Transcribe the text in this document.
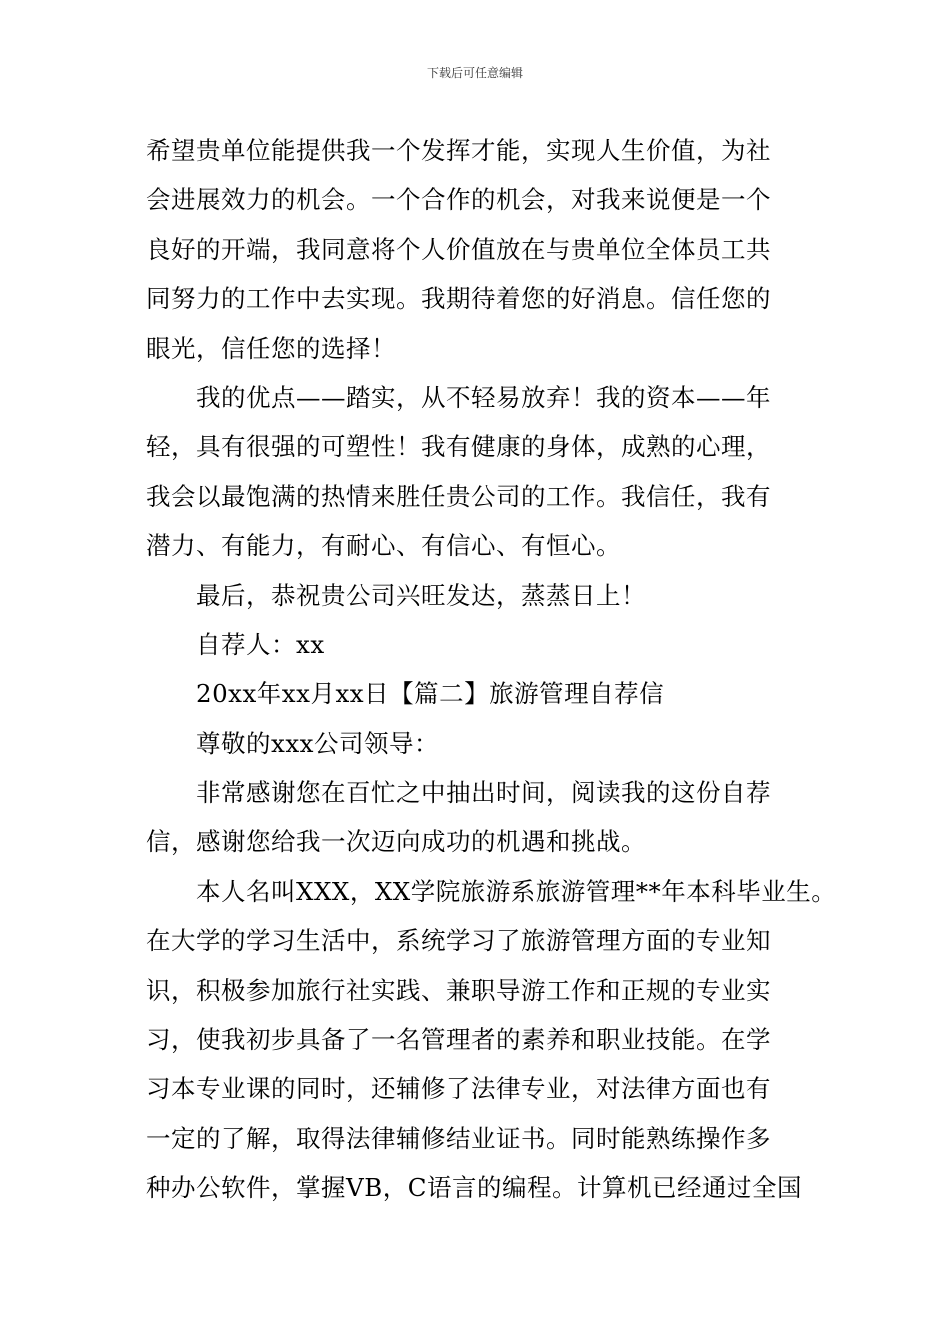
下载后可任意编辑
希望贵单位能提供我一个发挥才能，实现人生价值，为社
会进展效力的机会。一个合作的机会，对我来说便是一个
良好的开端，我同意将个人价值放在与贵单位全体员工共
同努力的工作中去实现。我期待着您的好消息。信任您的
眼光，信任您的选择！
我的优点——踏实，从不轻易放弃！我的资本——年
轻，具有很强的可塑性！我有健康的身体，成熟的心理，
我会以最饱满的热情来胜任贵公司的工作。我信任，我有
潜力、有能力，有耐心、有信心、有恒心。
最后，恭祝贵公司兴旺发达，蒸蒸日上！
自荐人：xx
20xx年xx月xx日【篇二】旅游管理自荐信
尊敬的xxx公司领导：
非常感谢您在百忙之中抽出时间，阅读我的这份自荐
信，感谢您给我一次迈向成功的机遇和挑战。
本人名叫XXX，XX学院旅游系旅游管理**年本科毕业生。
在大学的学习生活中，系统学习了旅游管理方面的专业知
识，积极参加旅行社实践、兼职导游工作和正规的专业实
习，使我初步具备了一名管理者的素养和职业技能。在学
习本专业课的同时，还辅修了法律专业，对法律方面也有
一定的了解，取得法律辅修结业证书。同时能熟练操作多
种办公软件，掌握VB，C语言的编程。计算机已经通过全国
